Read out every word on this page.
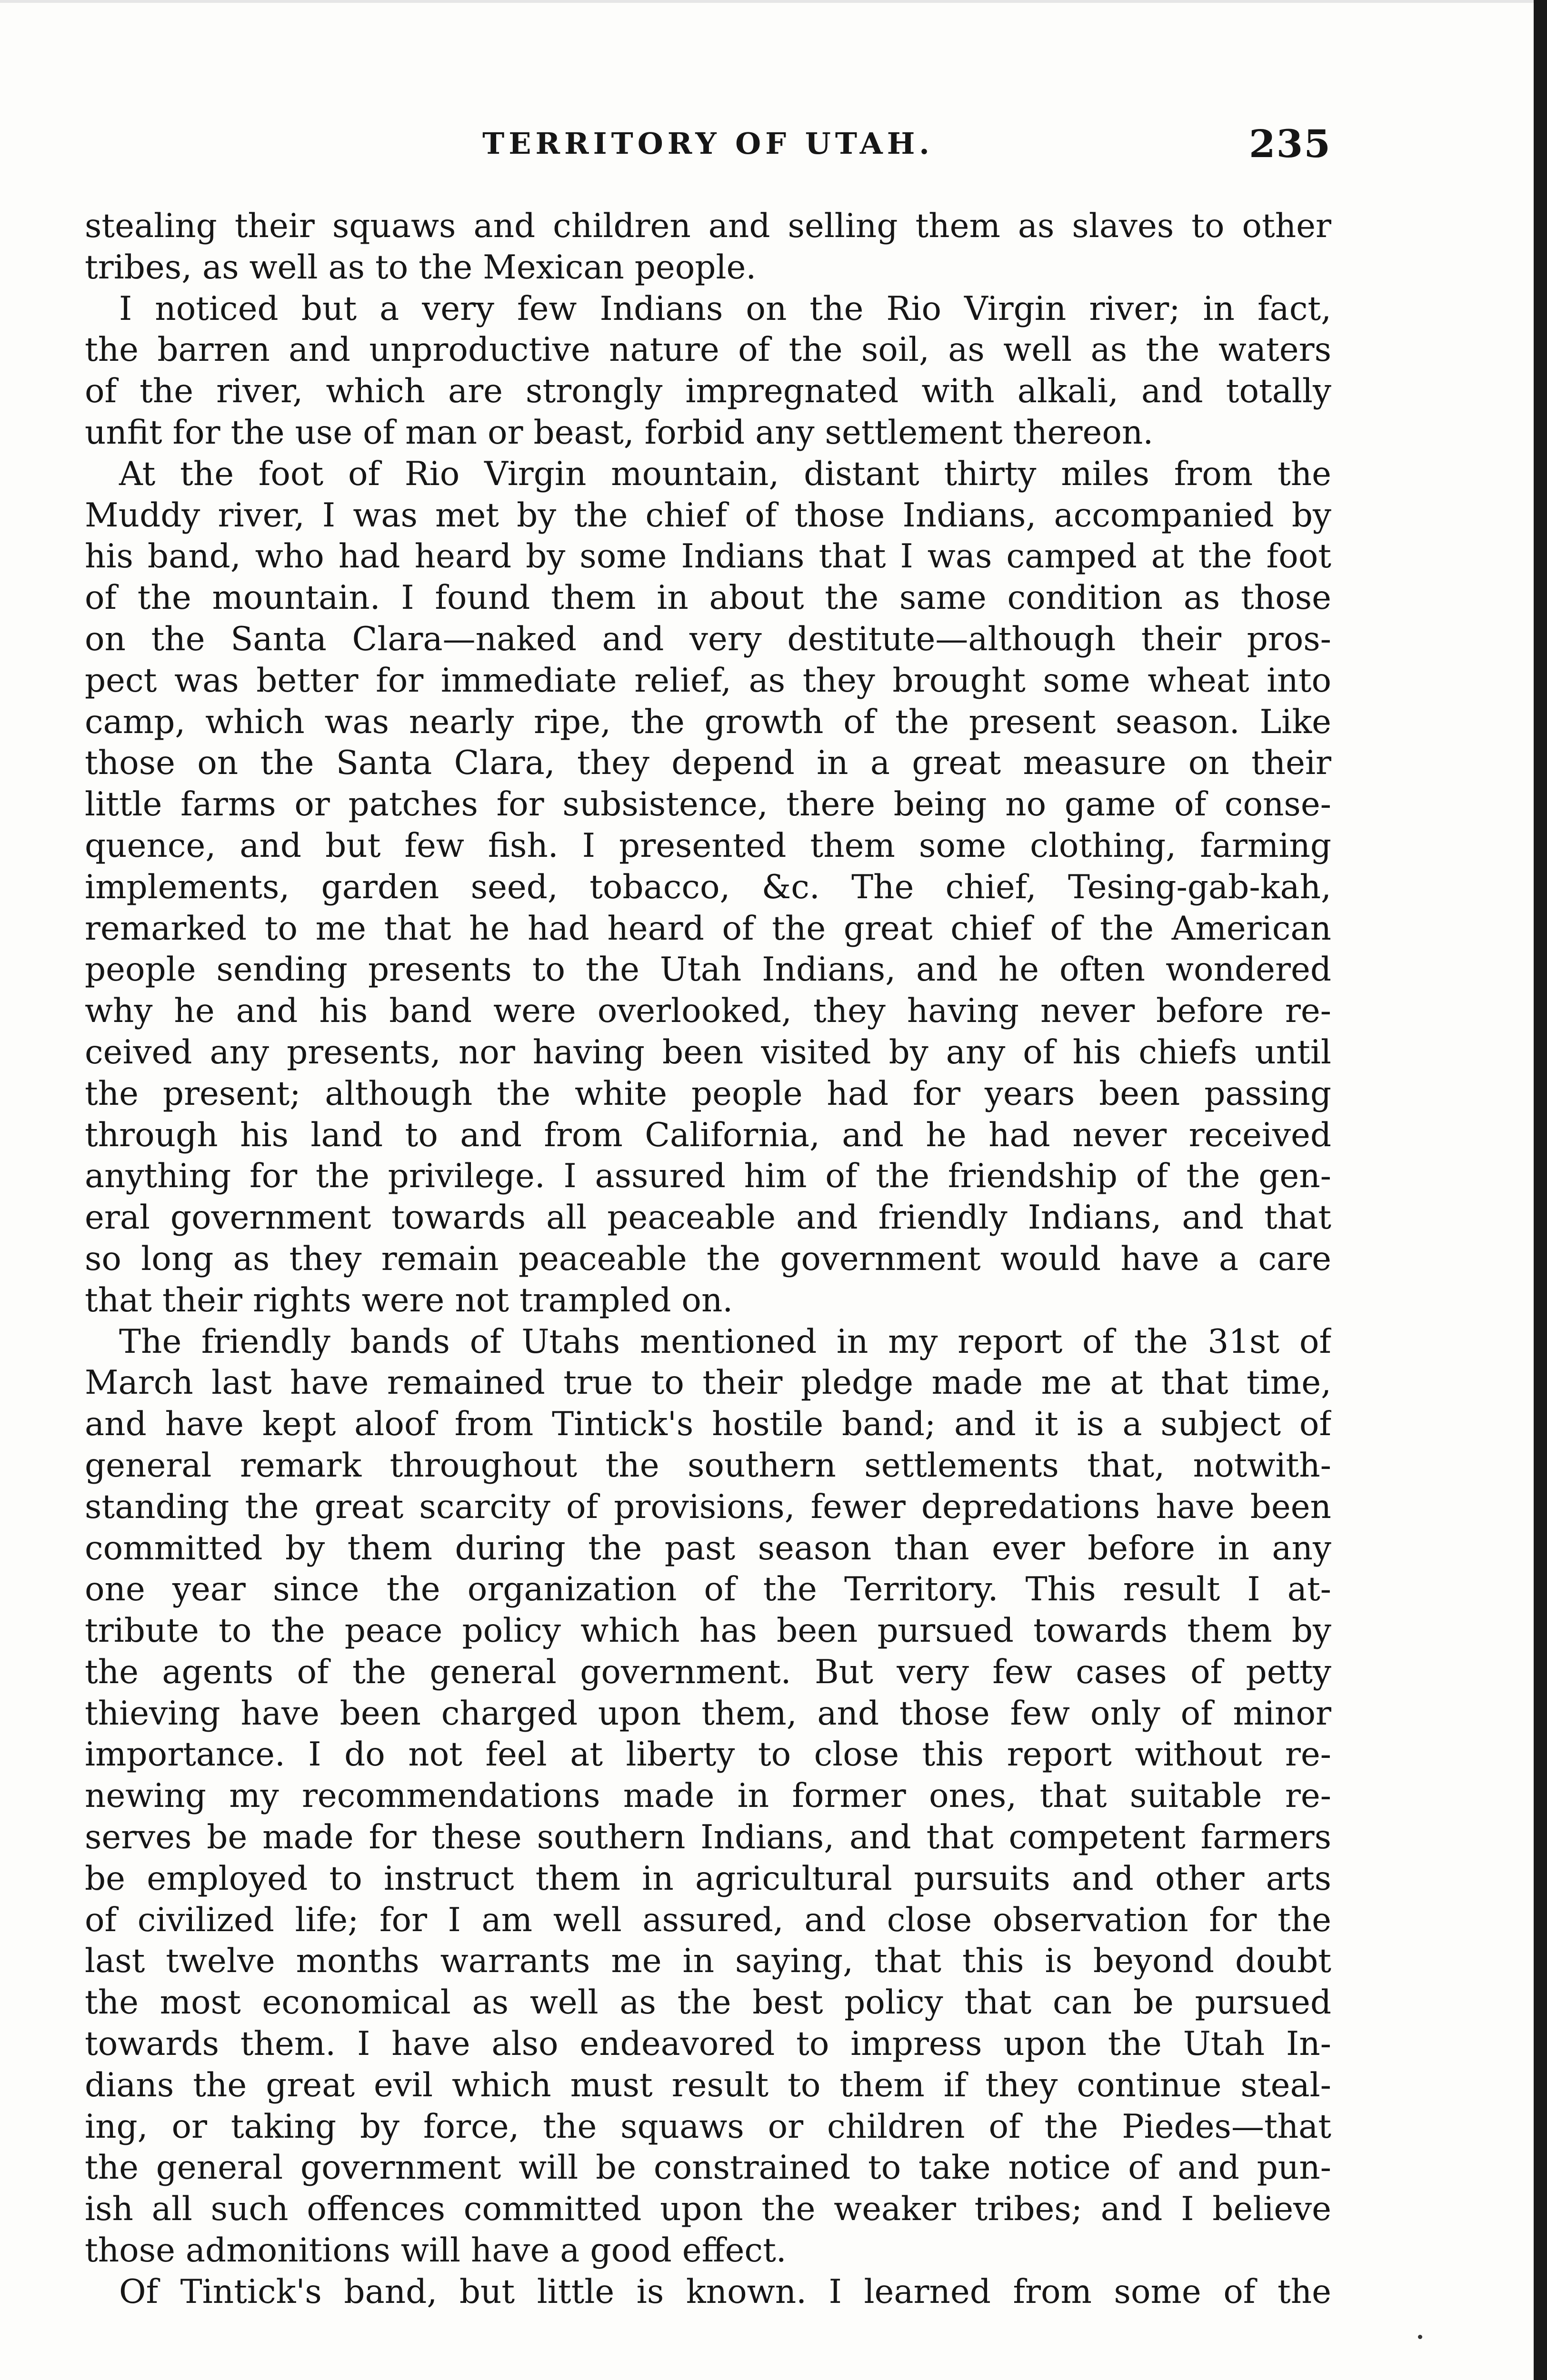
TERRITORY OF UTAH.	235
stealing their squaws and children and selling them as slaves to other
tribes, as well as to the Mexican people.
I noticed but a very few Indians on the Rio Virgin river; in fact,
the barren and unproductive nature of the soil, as well as the waters
of the river, which are strongly impregnated with alkali, and totally
unfit for the use of man or beast, forbid any settlement thereon.
At the foot of Rio Virgin mountain, distant thirty miles from the
Muddy river, I was met by the chief of those Indians, accompanied by
his band, who had heard by some Indians that I was camped at the foot
of the mountain. I found them in about the same condition as those
on the Santa Clara—naked and very destitute—although their pros-
pect was better for immediate relief, as they brought some wheat into
camp, which was nearly ripe, the growth of the present season. Like
those on the Santa Clara, they depend in a great measure on their
little farms or patches for subsistence, there being no game of conse-
quence, and but few fish. I presented them some clothing, farming
implements, garden seed, tobacco, &c. The chief, Tesing-gab-kah,
remarked to me that he had heard of the great chief of the American
people sending presents to the Utah Indians, and he often wondered
why he and his band were overlooked, they having never before re-
ceived any presents, nor having been visited by any of his chiefs until
the present; although the white people had for years been passing
through his land to and from California, and he had never received
anything for the privilege. I assured him of the friendship of the gen-
eral government towards all peaceable and friendly Indians, and that
so long as they remain peaceable the government would have a care
that their rights were not trampled on.
The friendly bands of Utahs mentioned in my report of the 31st of
March last have remained true to their pledge made me at that time,
and have kept aloof from Tintick's hostile band; and it is a subject of
general remark throughout the southern settlements that, notwith-
standing the great scarcity of provisions, fewer depredations have been
committed by them during the past season than ever before in any
one year since the organization of the Territory. This result I at-
tribute to the peace policy which has been pursued towards them by
the agents of the general government. But very few cases of petty
thieving have been charged upon them, and those few only of minor
importance. I do not feel at liberty to close this report without re-
newing my recommendations made in former ones, that suitable re-
serves be made for these southern Indians, and that competent farmers
be employed to instruct them in agricultural pursuits and other arts
of civilized life; for I am well assured, and close observation for the
last twelve months warrants me in saying, that this is beyond doubt
the most economical as well as the best policy that can be pursued
towards them. I have also endeavored to impress upon the Utah In-
dians the great evil which must result to them if they continue steal-
ing, or taking by force, the squaws or children of the Piedes—that
the general government will be constrained to take notice of and pun-
ish all such offences committed upon the weaker tribes; and I believe
those admonitions will have a good effect.
Of Tintick's band, but little is known. I learned from some of the
